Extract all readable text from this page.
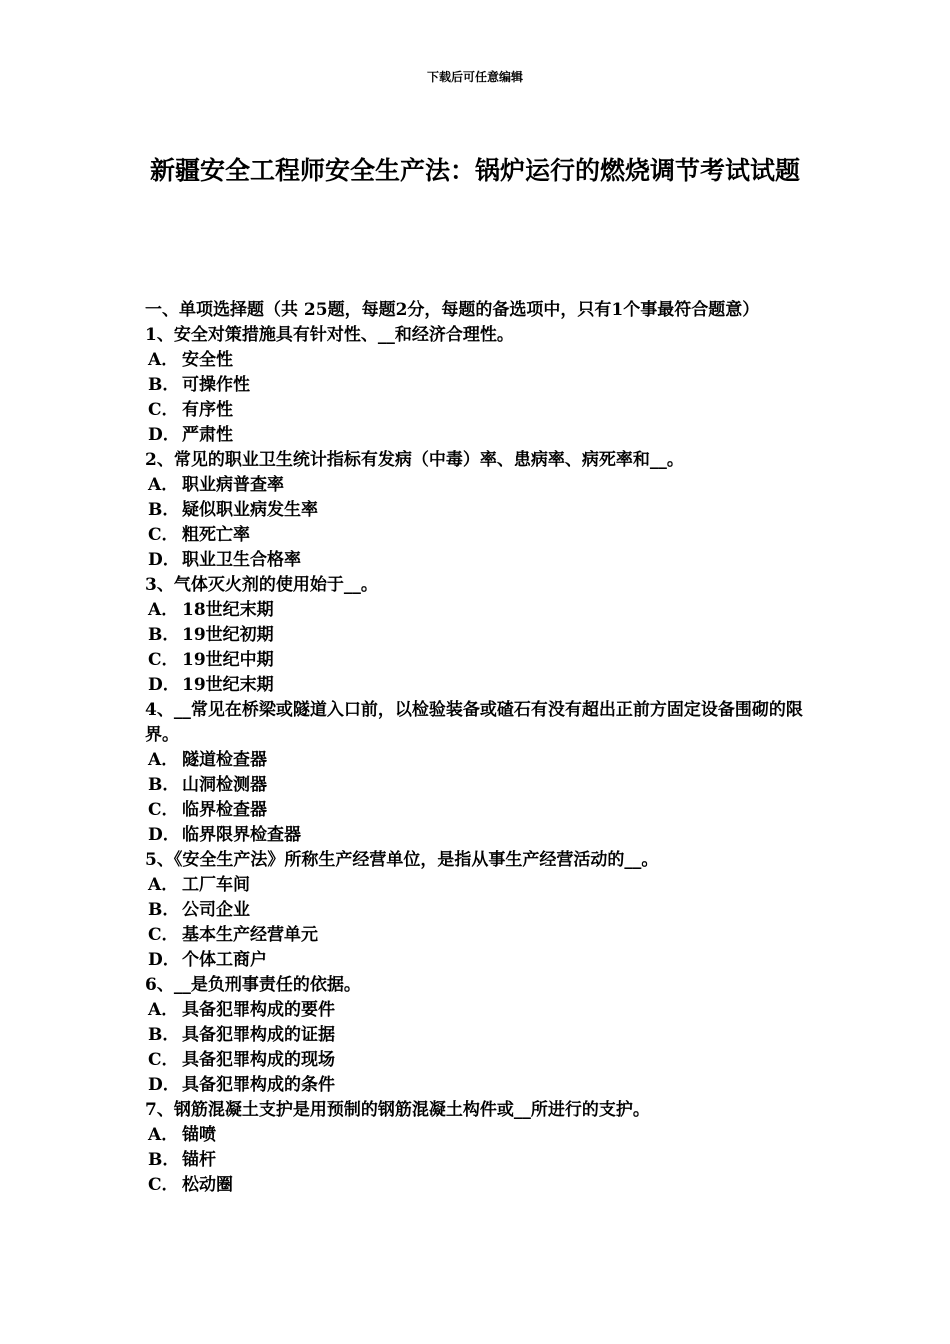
下载后可任意编辑
新疆安全工程师安全生产法：锅炉运行的燃烧调节考试试题

一、单项选择题（共 25题，每题2分，每题的备选项中，只有1个事最符合题意）

1、安全对策措施具有针对性、__和经济合理性。

A． 安全性
B． 可操作性
C． 有序性
D． 严肃性

2、常见的职业卫生统计指标有发病（中毒）率、患病率、病死率和__。

A． 职业病普查率
B． 疑似职业病发生率
C． 粗死亡率
D． 职业卫生合格率

3、气体灭火剂的使用始于__。

A． 18世纪末期
B． 19世纪初期
C． 19世纪中期
D． 19世纪末期

4、__常见在桥梁或隧道入口前，以检验装备或碴石有没有超出正前方固定设备围砌的限界。

A． 隧道检查器
B． 山洞检测器
C． 临界检查器
D． 临界限界检查器

5、《安全生产法》所称生产经营单位，是指从事生产经营活动的__。

A． 工厂车间
B． 公司企业
C． 基本生产经营单元
D． 个体工商户

6、__是负刑事责任的依据。

A． 具备犯罪构成的要件
B． 具备犯罪构成的证据
C． 具备犯罪构成的现场
D． 具备犯罪构成的条件

7、钢筋混凝土支护是用预制的钢筋混凝土构件或__所进行的支护。

A． 锚喷
B． 锚杆
C． 松动圈
